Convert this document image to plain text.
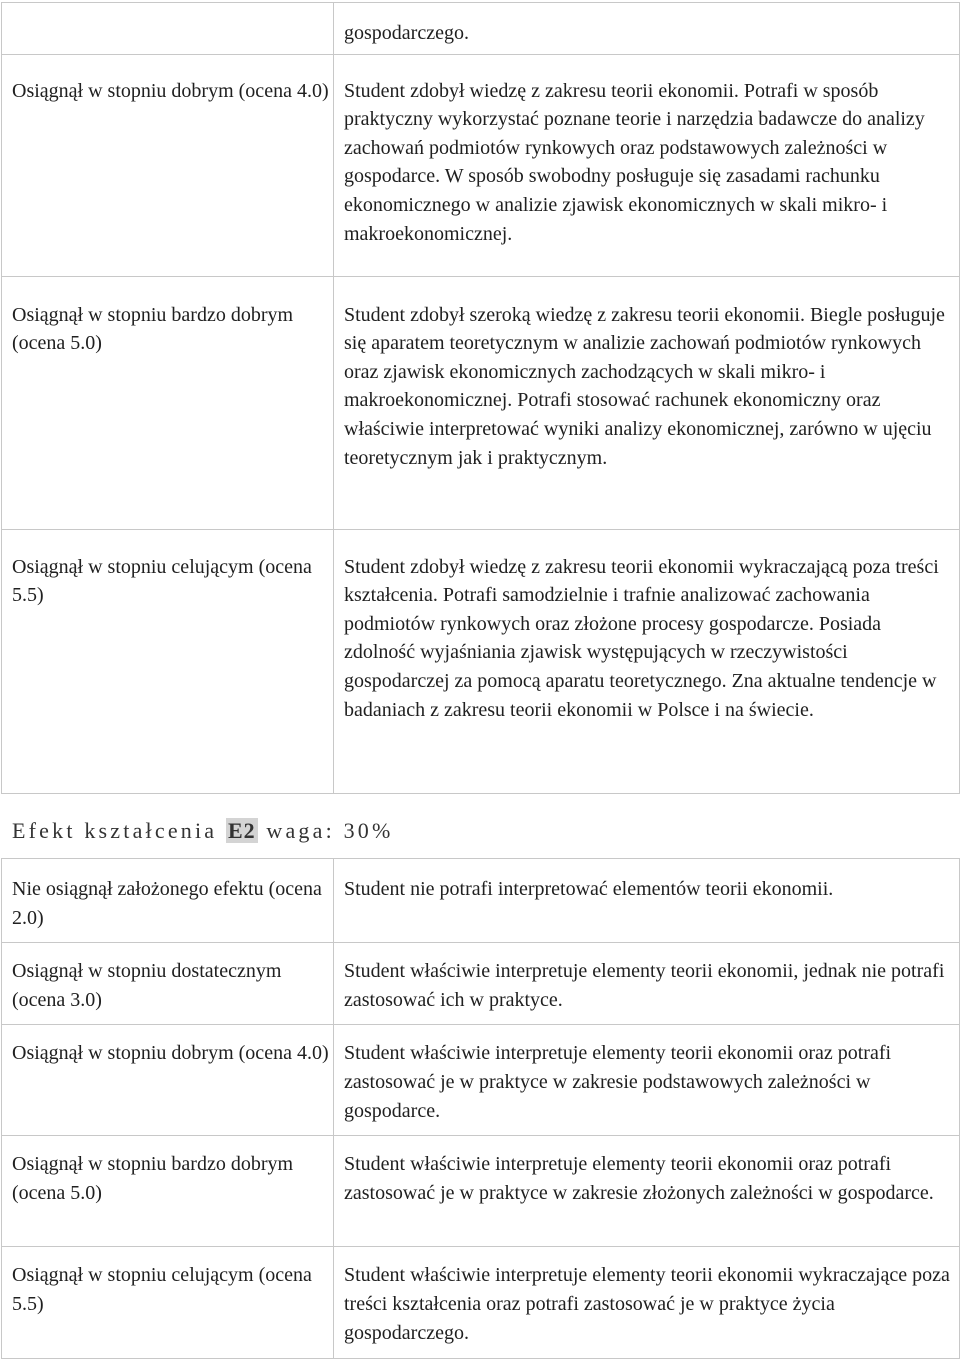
	gospodarczego.

Osiągnął w stopniu dobrym (ocena 4.0)	Student zdobył wiedzę z zakresu teorii ekonomii. Potrafi w sposób praktyczny wykorzystać poznane teorie i narzędzia badawcze do analizy zachowań podmiotów rynkowych oraz podstawowych zależności w gospodarce. W sposób swobodny posługuje się zasadami rachunku ekonomicznego w analizie zjawisk ekonomicznych w skali mikro- i makroekonomicznej.

Osiągnął w stopniu bardzo dobrym (ocena 5.0)	Student zdobył szeroką wiedzę z zakresu teorii ekonomii. Biegle posługuje się aparatem teoretycznym w analizie zachowań podmiotów rynkowych oraz zjawisk ekonomicznych zachodzących w skali mikro- i makroekonomicznej. Potrafi stosować rachunek ekonomiczny oraz właściwie interpretować wyniki analizy ekonomicznej, zarówno w ujęciu teoretycznym jak i praktycznym.

Osiągnął w stopniu celującym (ocena 5.5)	Student zdobył wiedzę z zakresu teorii ekonomii wykraczającą poza treści kształcenia. Potrafi samodzielnie i trafnie analizować zachowania podmiotów rynkowych oraz złożone procesy gospodarcze. Posiada zdolność wyjaśniania zjawisk występujących w rzeczywistości gospodarczej za pomocą aparatu teoretycznego. Zna aktualne tendencje w badaniach z zakresu teorii ekonomii w Polsce i na świecie.
Efekt kształcenia E2 waga: 30%
Nie osiągnął założonego efektu (ocena 2.0)	Student nie potrafi interpretować elementów teorii ekonomii.

Osiągnął w stopniu dostatecznym (ocena 3.0)	Student właściwie interpretuje elementy teorii ekonomii, jednak nie potrafi zastosować ich w praktyce.

Osiągnął w stopniu dobrym (ocena 4.0)	Student właściwie interpretuje elementy teorii ekonomii oraz potrafi zastosować je w praktyce w zakresie podstawowych zależności w gospodarce.

Osiągnął w stopniu bardzo dobrym (ocena 5.0)	Student właściwie interpretuje elementy teorii ekonomii oraz potrafi zastosować je w praktyce w zakresie złożonych zależności w gospodarce.

Osiągnął w stopniu celującym (ocena 5.5)	Student właściwie interpretuje elementy teorii ekonomii wykraczające poza treści kształcenia oraz potrafi zastosować je w praktyce życia gospodarczego.
